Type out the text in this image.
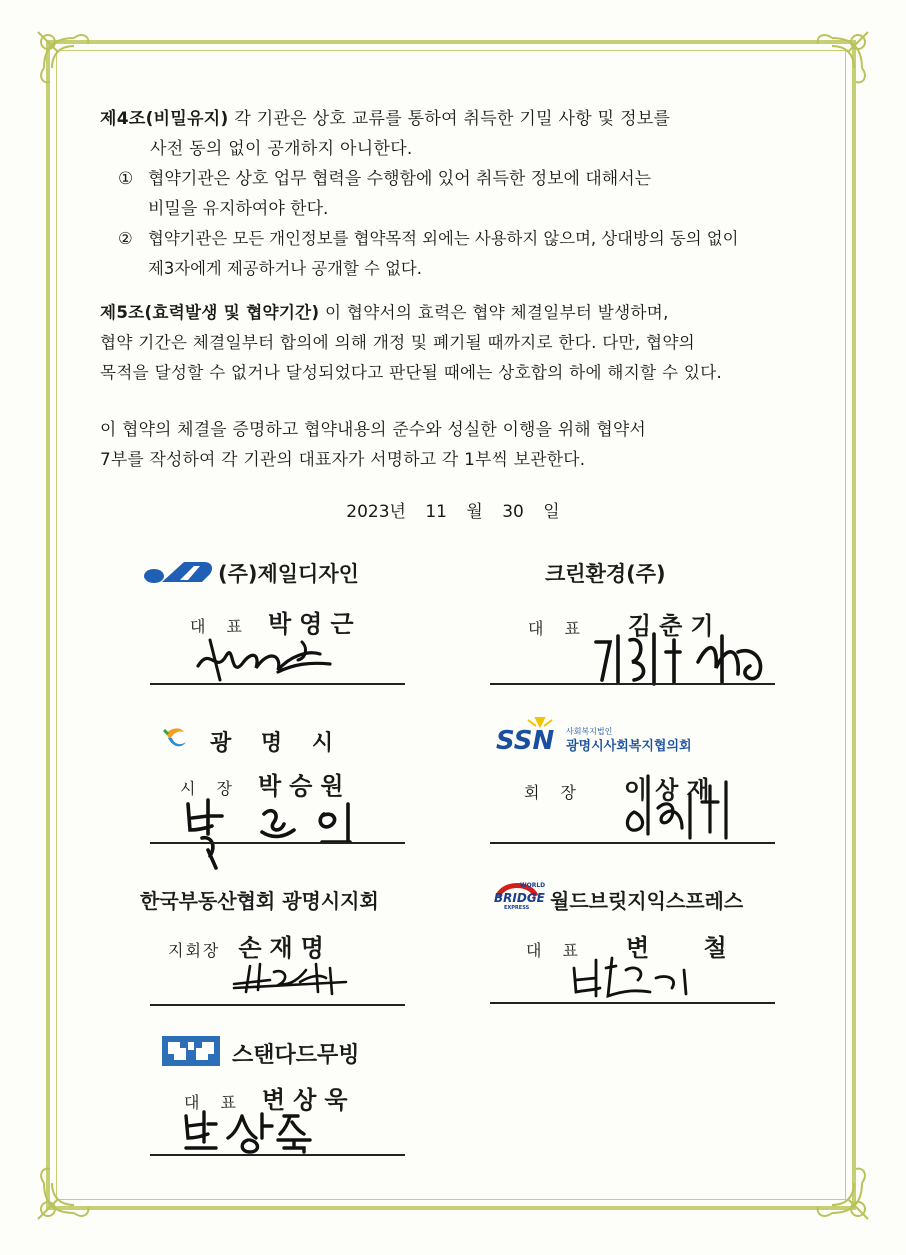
제4조(비밀유지) 각 기관은 상호 교류를 통하여 취득한 기밀 사항 및 정보를
사전 동의 없이 공개하지 아니한다.
① 협약기관은 상호 업무 협력을 수행함에 있어 취득한 정보에 대해서는
비밀을 유지하여야 한다.
② 협약기관은 모든 개인정보를 협약목적 외에는 사용하지 않으며, 상대방의 동의 없이
제3자에게 제공하거나 공개할 수 없다.
제5조(효력발생 및 협약기간) 이 협약서의 효력은 협약 체결일부터 발생하며,
협약 기간은 체결일부터 합의에 의해 개정 및 폐기될 때까지로 한다. 다만, 협약의
목적을 달성할 수 없거나 달성되었다고 판단될 때에는 상호합의 하에 해지할 수 있다.
이 협약의 체결을 증명하고 협약내용의 준수와 성실한 이행을 위해 협약서
7부를 작성하여 각 기관의 대표자가 서명하고 각 1부씩 보관한다.
2023년 11 월 30 일
(주)제일디자인
대 표 박영근
크린환경(주)
대 표 김춘기
광 명 시
시 장 박승원
SSN 사회복지법인
광명시사회복지협의회
회 장 이상재
한국부동산협회 광명시지회
지회장 손재명
WORLD
BRIDGE
EXPRESS 월드브릿지익스프레스
대 표 변 철
스탠다드무빙
대 표 변상욱
